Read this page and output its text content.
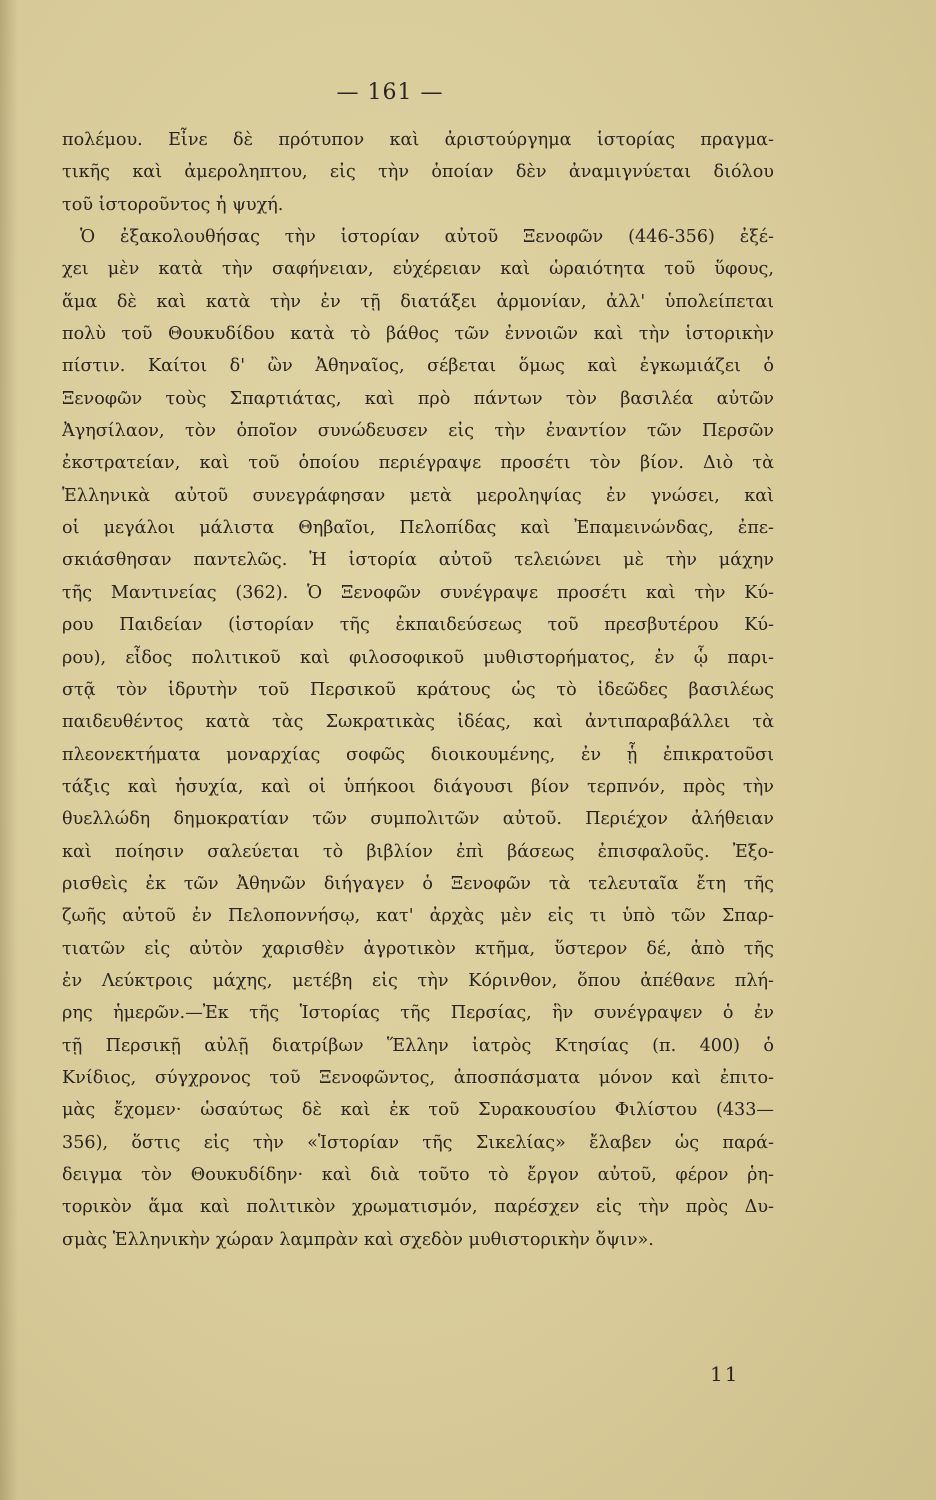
— 161 —
πολέμου. Εἶνε δὲ πρότυπον καὶ ἀριστούργημα ἱστορίας πραγμα-
τικῆς καὶ ἀμεροληπτου, εἰς τὴν ὁποίαν δὲν ἀναμιγνύεται διόλου
τοῦ ἱστοροῦντος ἡ ψυχή.
Ὁ ἐξακολουθήσας τὴν ἱστορίαν αὐτοῦ Ξενοφῶν (446-356) ἐξέ-
χει μὲν κατὰ τὴν σαφήνειαν, εὐχέρειαν καὶ ὡραιότητα τοῦ ὕφους,
ἅμα δὲ καὶ κατὰ τὴν ἐν τῇ διατάξει ἁρμονίαν, ἀλλ' ὑπολείπεται
πολὺ τοῦ Θουκυδίδου κατὰ τὸ βάθος τῶν ἐννοιῶν καὶ τὴν ἱστορικὴν
πίστιν. Καίτοι δ' ὢν Ἀθηναῖος, σέβεται ὅμως καὶ ἐγκωμιάζει ὁ
Ξενοφῶν τοὺς Σπαρτιάτας, καὶ πρὸ πάντων τὸν βασιλέα αὐτῶν
Ἀγησίλαον, τὸν ὁποῖον συνώδευσεν εἰς τὴν ἐναντίον τῶν Περσῶν
ἐκστρατείαν, καὶ τοῦ ὁποίου περιέγραψε προσέτι τὸν βίον. Διὸ τὰ
Ἑλληνικὰ αὐτοῦ συνεγράφησαν μετὰ μεροληψίας ἐν γνώσει, καὶ
οἱ μεγάλοι μάλιστα Θηβαῖοι, Πελοπίδας καὶ Ἐπαμεινώνδας, ἐπε-
σκιάσθησαν παντελῶς. Ἡ ἱστορία αὐτοῦ τελειώνει μὲ τὴν μάχην
τῆς Μαντινείας (362). Ὁ Ξενοφῶν συνέγραψε προσέτι καὶ τὴν Κύ-
ρου Παιδείαν (ἱστορίαν τῆς ἐκπαιδεύσεως τοῦ πρεσβυτέρου Κύ-
ρου), εἶδος πολιτικοῦ καὶ φιλοσοφικοῦ μυθιστορήματος, ἐν ᾧ παρι-
στᾷ τὸν ἱδρυτὴν τοῦ Περσικοῦ κράτους ὡς τὸ ἰδεῶδες βασιλέως
παιδευθέντος κατὰ τὰς Σωκρατικὰς ἰδέας, καὶ ἀντιπαραβάλλει τὰ
πλεονεκτήματα μοναρχίας σοφῶς διοικουμένης, ἐν ᾗ ἐπικρατοῦσι
τάξις καὶ ἡσυχία, καὶ οἱ ὑπήκοοι διάγουσι βίον τερπνόν, πρὸς τὴν
θυελλώδη δημοκρατίαν τῶν συμπολιτῶν αὐτοῦ. Περιέχον ἀλήθειαν
καὶ ποίησιν σαλεύεται τὸ βιβλίον ἐπὶ βάσεως ἐπισφαλοῦς. Ἐξο-
ρισθεὶς ἐκ τῶν Ἀθηνῶν διήγαγεν ὁ Ξενοφῶν τὰ τελευταῖα ἔτη τῆς
ζωῆς αὐτοῦ ἐν Πελοποννήσῳ, κατ' ἀρχὰς μὲν εἰς τι ὑπὸ τῶν Σπαρ-
τιατῶν εἰς αὐτὸν χαρισθὲν ἀγροτικὸν κτῆμα, ὕστερον δέ, ἀπὸ τῆς
ἐν Λεύκτροις μάχης, μετέβη εἰς τὴν Κόρινθον, ὅπου ἀπέθανε πλή-
ρης ἡμερῶν.—Ἐκ τῆς Ἱστορίας τῆς Περσίας, ἣν συνέγραψεν ὁ ἐν
τῇ Περσικῇ αὐλῇ διατρίβων Ἕλλην ἰατρὸς Κτησίας (π. 400) ὁ
Κνίδιος, σύγχρονος τοῦ Ξενοφῶντος, ἀποσπάσματα μόνον καὶ ἐπιτο-
μὰς ἔχομεν· ὡσαύτως δὲ καὶ ἐκ τοῦ Συρακουσίου Φιλίστου (433—
356), ὅστις εἰς τὴν «Ἱστορίαν τῆς Σικελίας» ἔλαβεν ὡς παρά-
δειγμα τὸν Θουκυδίδην· καὶ διὰ τοῦτο τὸ ἔργον αὐτοῦ, φέρον ῥη-
τορικὸν ἅμα καὶ πολιτικὸν χρωματισμόν, παρέσχεν εἰς τὴν πρὸς Δυ-
σμὰς Ἑλληνικὴν χώραν λαμπρὰν καὶ σχεδὸν μυθιστορικὴν ὄψιν».
11
